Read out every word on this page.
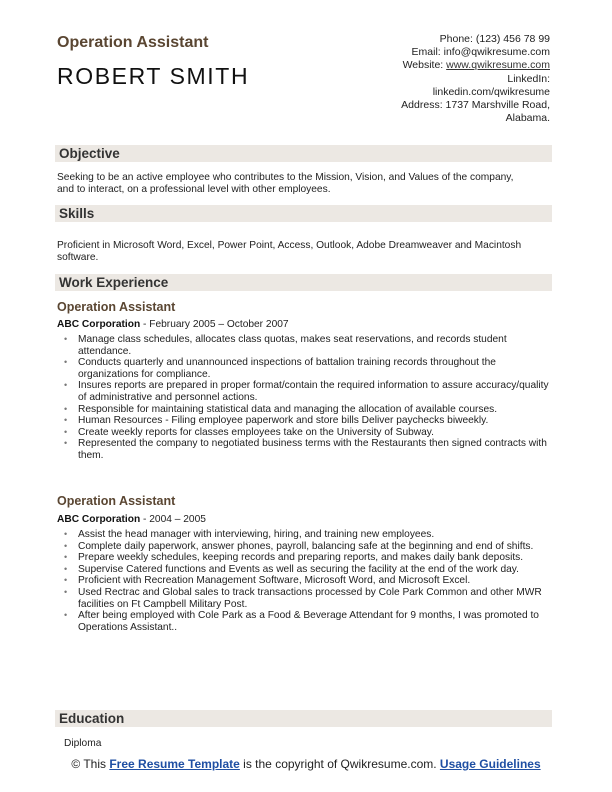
Operation Assistant
ROBERT SMITH
Phone: (123) 456 78 99
Email: info@qwikresume.com
Website: www.qwikresume.com
LinkedIn:
linkedin.com/qwikresume
Address: 1737 Marshville Road,
Alabama.
Objective
Seeking to be an active employee who contributes to the Mission, Vision, and Values of the company, and to interact, on a professional level with other employees.
Skills
Proficient in Microsoft Word, Excel, Power Point, Access, Outlook, Adobe Dreamweaver and Macintosh software.
Work Experience
Operation Assistant
ABC Corporation - February 2005 – October 2007
• Manage class schedules, allocates class quotas, makes seat reservations, and records student attendance.
• Conducts quarterly and unannounced inspections of battalion training records throughout the organizations for compliance.
• Insures reports are prepared in proper format/contain the required information to assure accuracy/quality of administrative and personnel actions.
• Responsible for maintaining statistical data and managing the allocation of available courses.
• Human Resources - Filing employee paperwork and store bills Deliver paychecks biweekly.
• Create weekly reports for classes employees take on the University of Subway.
• Represented the company to negotiated business terms with the Restaurants then signed contracts with them.
Operation Assistant
ABC Corporation - 2004 – 2005
• Assist the head manager with interviewing, hiring, and training new employees.
• Complete daily paperwork, answer phones, payroll, balancing safe at the beginning and end of shifts.
• Prepare weekly schedules, keeping records and preparing reports, and makes daily bank deposits.
• Supervise Catered functions and Events as well as securing the facility at the end of the work day.
• Proficient with Recreation Management Software, Microsoft Word, and Microsoft Excel.
• Used Rectrac and Global sales to track transactions processed by Cole Park Common and other MWR facilities on Ft Campbell Military Post.
• After being employed with Cole Park as a Food & Beverage Attendant for 9 months, I was promoted to Operations Assistant..
Education
Diploma
© This Free Resume Template is the copyright of Qwikresume.com. Usage Guidelines
